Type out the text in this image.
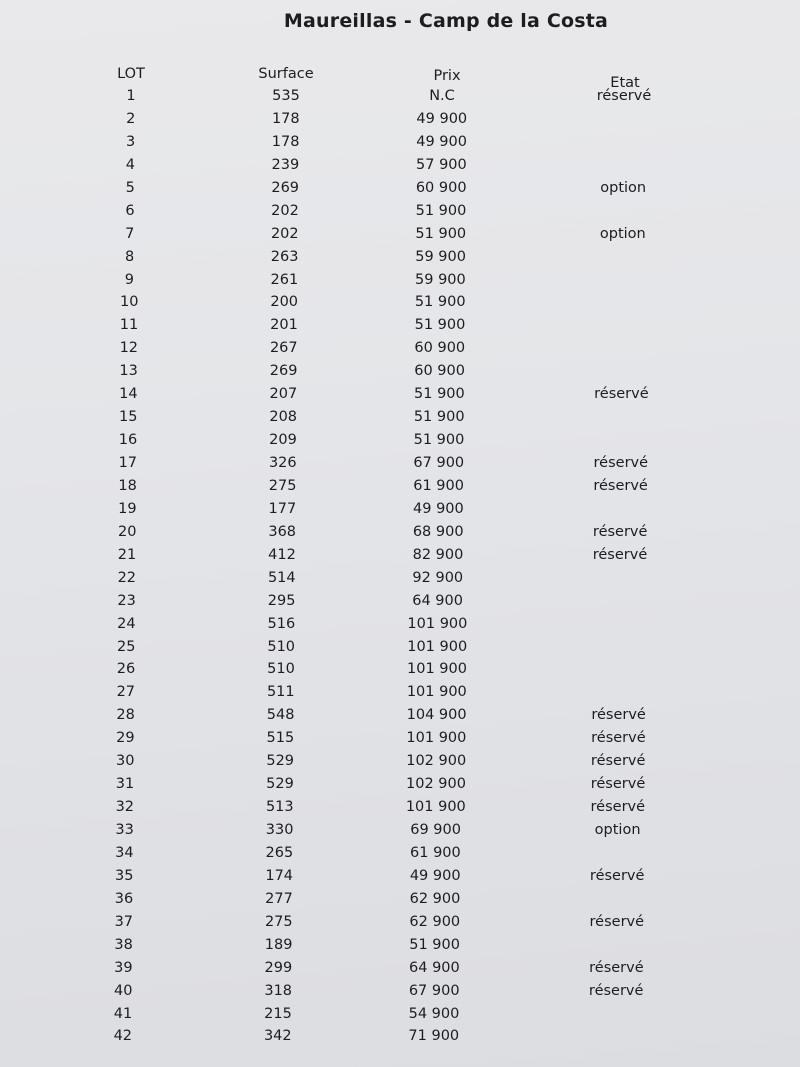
Maureillas - Camp de la Costa
LOT	Surface	Prix	Etat
1	535	N.C	réservé
2	178	49 900
3	178	49 900
4	239	57 900
5	269	60 900	option
6	202	51 900
7	202	51 900	option
8	263	59 900
9	261	59 900
10	200	51 900
11	201	51 900
12	267	60 900
13	269	60 900
14	207	51 900	réservé
15	208	51 900
16	209	51 900
17	326	67 900	réservé
18	275	61 900	réservé
19	177	49 900
20	368	68 900	réservé
21	412	82 900	réservé
22	514	92 900
23	295	64 900
24	516	101 900
25	510	101 900
26	510	101 900
27	511	101 900
28	548	104 900	réservé
29	515	101 900	réservé
30	529	102 900	réservé
31	529	102 900	réservé
32	513	101 900	réservé
33	330	69 900	option
34	265	61 900
35	174	49 900	réservé
36	277	62 900
37	275	62 900	réservé
38	189	51 900
39	299	64 900	réservé
40	318	67 900	réservé
41	215	54 900
42	342	71 900
